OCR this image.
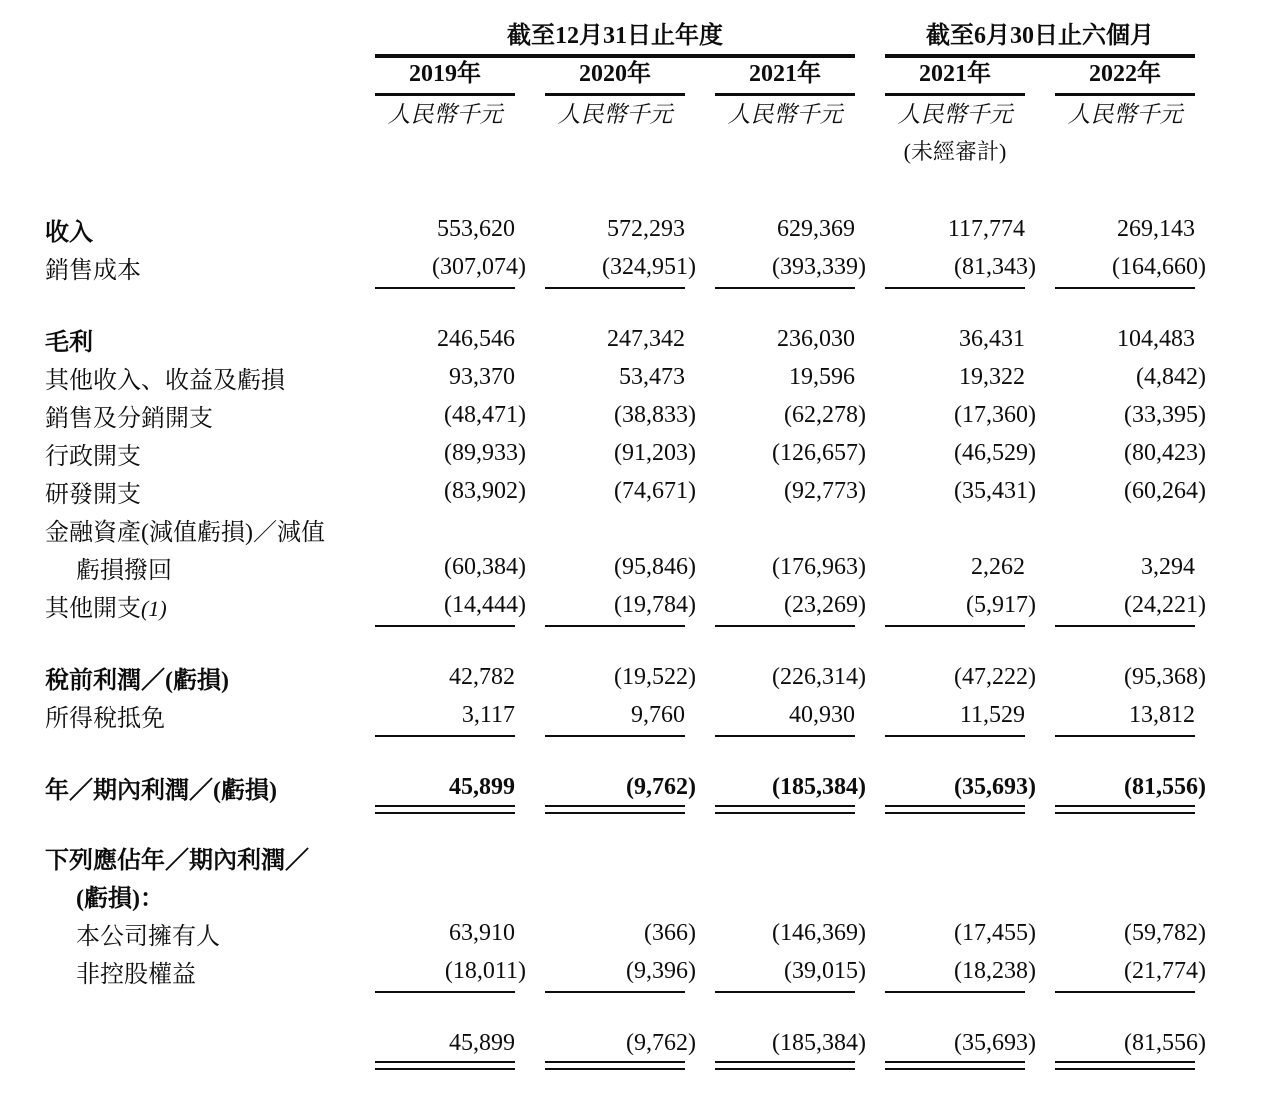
	截至12月31日止年度			截至6月30日止六個月	

	2019年	2020年	2021年	2021年	2022年

	人民幣千元	人民幣千元	人民幣千元	人民幣千元	人民幣千元

				(未經審計)	

收入	553,620	572,293	629,369	117,774	269,143
銷售成本	(307,074)	(324,951)	(393,339)	(81,343)	(164,660)

毛利	246,546	247,342	236,030	36,431	104,483
其他收入、收益及虧損	93,370	53,473	19,596	19,322	(4,842)
銷售及分銷開支	(48,471)	(38,833)	(62,278)	(17,360)	(33,395)
行政開支	(89,933)	(91,203)	(126,657)	(46,529)	(80,423)
研發開支	(83,902)	(74,671)	(92,773)	(35,431)	(60,264)
金融資產(減值虧損)／減值					
虧損撥回	(60,384)	(95,846)	(176,963)	2,262	3,294
其他開支(1)	(14,444)	(19,784)	(23,269)	(5,917)	(24,221)

稅前利潤／(虧損)	42,782	(19,522)	(226,314)	(47,222)	(95,368)
所得稅抵免	3,117	9,760	40,930	11,529	13,812

年／期內利潤／(虧損)	45,899	(9,762)	(185,384)	(35,693)	(81,556)

下列應佔年／期內利潤／					
(虧損)：					
本公司擁有人	63,910	(366)	(146,369)	(17,455)	(59,782)
非控股權益	(18,011)	(9,396)	(39,015)	(18,238)	(21,774)

	45,899	(9,762)	(185,384)	(35,693)	(81,556)
